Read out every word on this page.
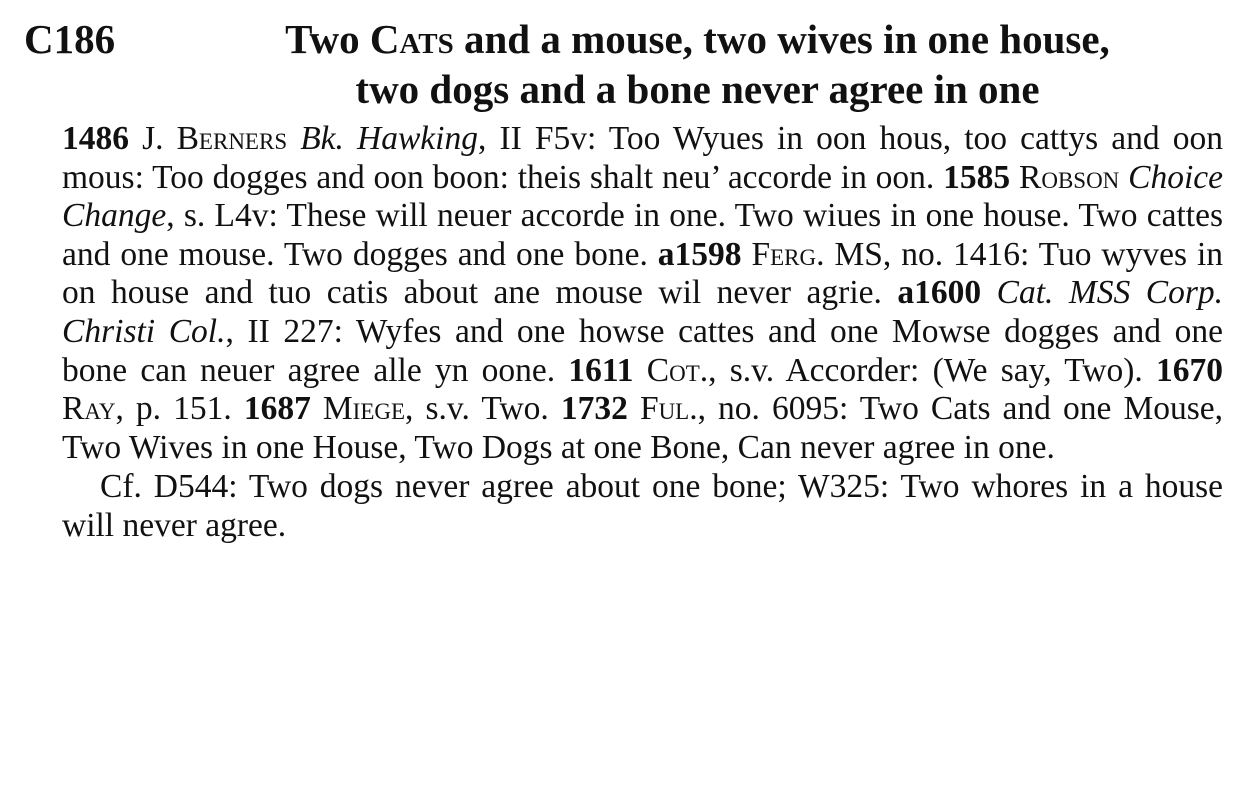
C186	Two Cats and a mouse, two wives in one house,
two dogs and a bone never agree in one

1486 J. Berners Bk. Hawking, II F5v: Too Wyues in oon hous, too cattys and oon mous: Too dogges and oon boon: theis shalt neu’ accorde in oon. 1585 Robson Choice Change, s. L4v: These will neuer accorde in one. Two wiues in one house. Two cattes and one mouse. Two dogges and one bone. a1598 Ferg. MS, no. 1416: Tuo wyves in on house and tuo catis about ane mouse wil never agrie. a1600 Cat. MSS Corp. Christi Col., II 227: Wyfes and one howse cattes and one Mowse dogges and one bone can neuer agree alle yn oone. 1611 Cot., s.v. Accorder: (We say, Two). 1670 Ray, p. 151. 1687 Miege, s.v. Two. 1732 Ful., no. 6095: Two Cats and one Mouse, Two Wives in one House, Two Dogs at one Bone, Can never agree in one.

Cf. D544: Two dogs never agree about one bone; W325: Two whores in a house will never agree.
